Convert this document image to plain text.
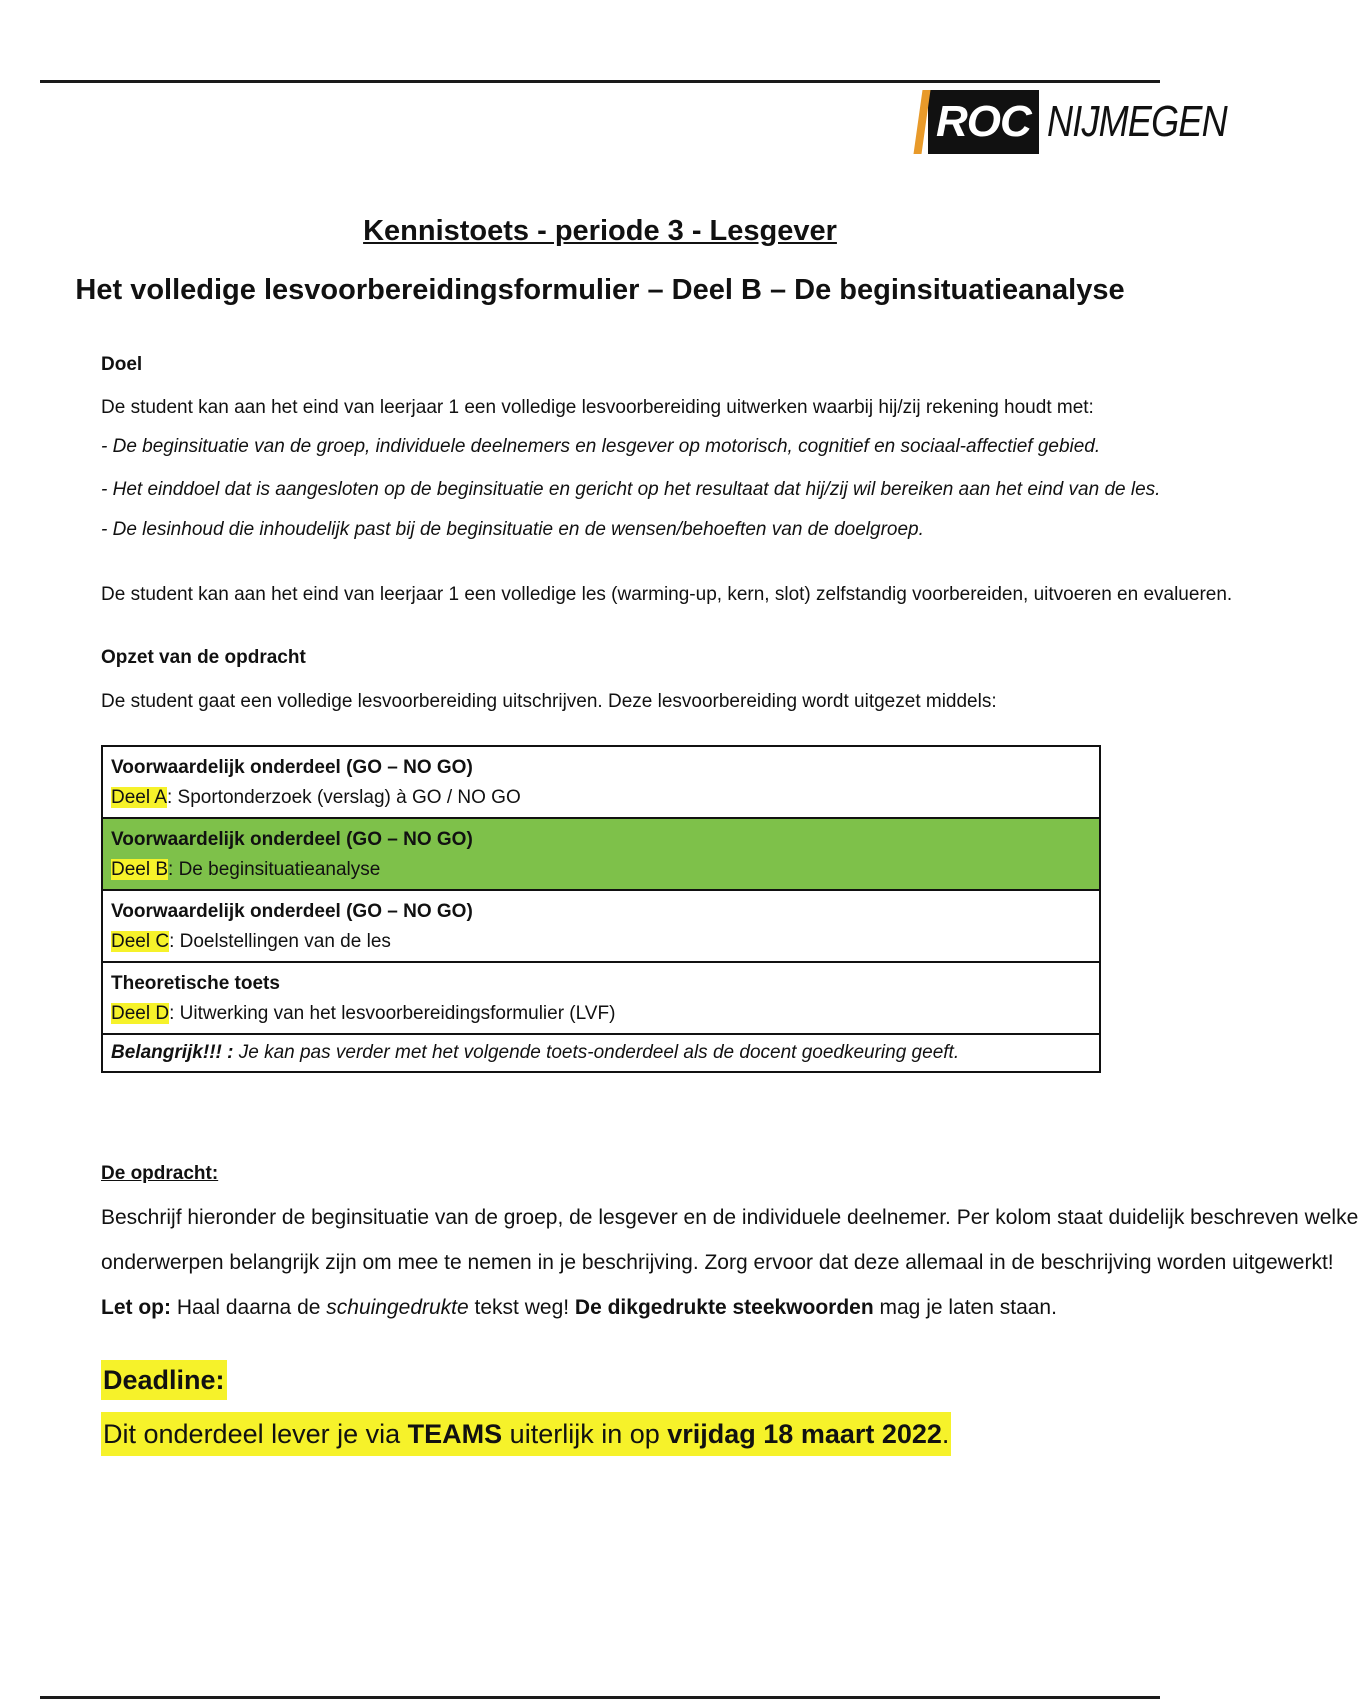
ROC NIJMEGEN
Kennistoets - periode 3 - Lesgever
Het volledige lesvoorbereidingsformulier – Deel B – De beginsituatieanalyse
Doel
De student kan aan het eind van leerjaar 1 een volledige lesvoorbereiding uitwerken waarbij hij/zij rekening houdt met:
- De beginsituatie van de groep, individuele deelnemers en lesgever op motorisch, cognitief en sociaal-affectief gebied.
- Het einddoel dat is aangesloten op de beginsituatie en gericht op het resultaat dat hij/zij wil bereiken aan het eind van de les.
- De lesinhoud die inhoudelijk past bij de beginsituatie en de wensen/behoeften van de doelgroep.
De student kan aan het eind van leerjaar 1 een volledige les (warming-up, kern, slot) zelfstandig voorbereiden, uitvoeren en evalueren.
Opzet van de opdracht
De student gaat een volledige lesvoorbereiding uitschrijven. Deze lesvoorbereiding wordt uitgezet middels:
Voorwaardelijk onderdeel (GO – NO GO)
Deel A: Sportonderzoek (verslag) à GO / NO GO
Voorwaardelijk onderdeel (GO – NO GO)
Deel B: De beginsituatieanalyse
Voorwaardelijk onderdeel (GO – NO GO)
Deel C: Doelstellingen van de les
Theoretische toets
Deel D: Uitwerking van het lesvoorbereidingsformulier (LVF)
Belangrijk!!! : Je kan pas verder met het volgende toets-onderdeel als de docent goedkeuring geeft.
De opdracht:
Beschrijf hieronder de beginsituatie van de groep, de lesgever en de individuele deelnemer. Per kolom staat duidelijk beschreven welke
onderwerpen belangrijk zijn om mee te nemen in je beschrijving. Zorg ervoor dat deze allemaal in de beschrijving worden uitgewerkt!
Let op: Haal daarna de schuingedrukte tekst weg! De dikgedrukte steekwoorden mag je laten staan.
Deadline:
Dit onderdeel lever je via TEAMS uiterlijk in op vrijdag 18 maart 2022.
